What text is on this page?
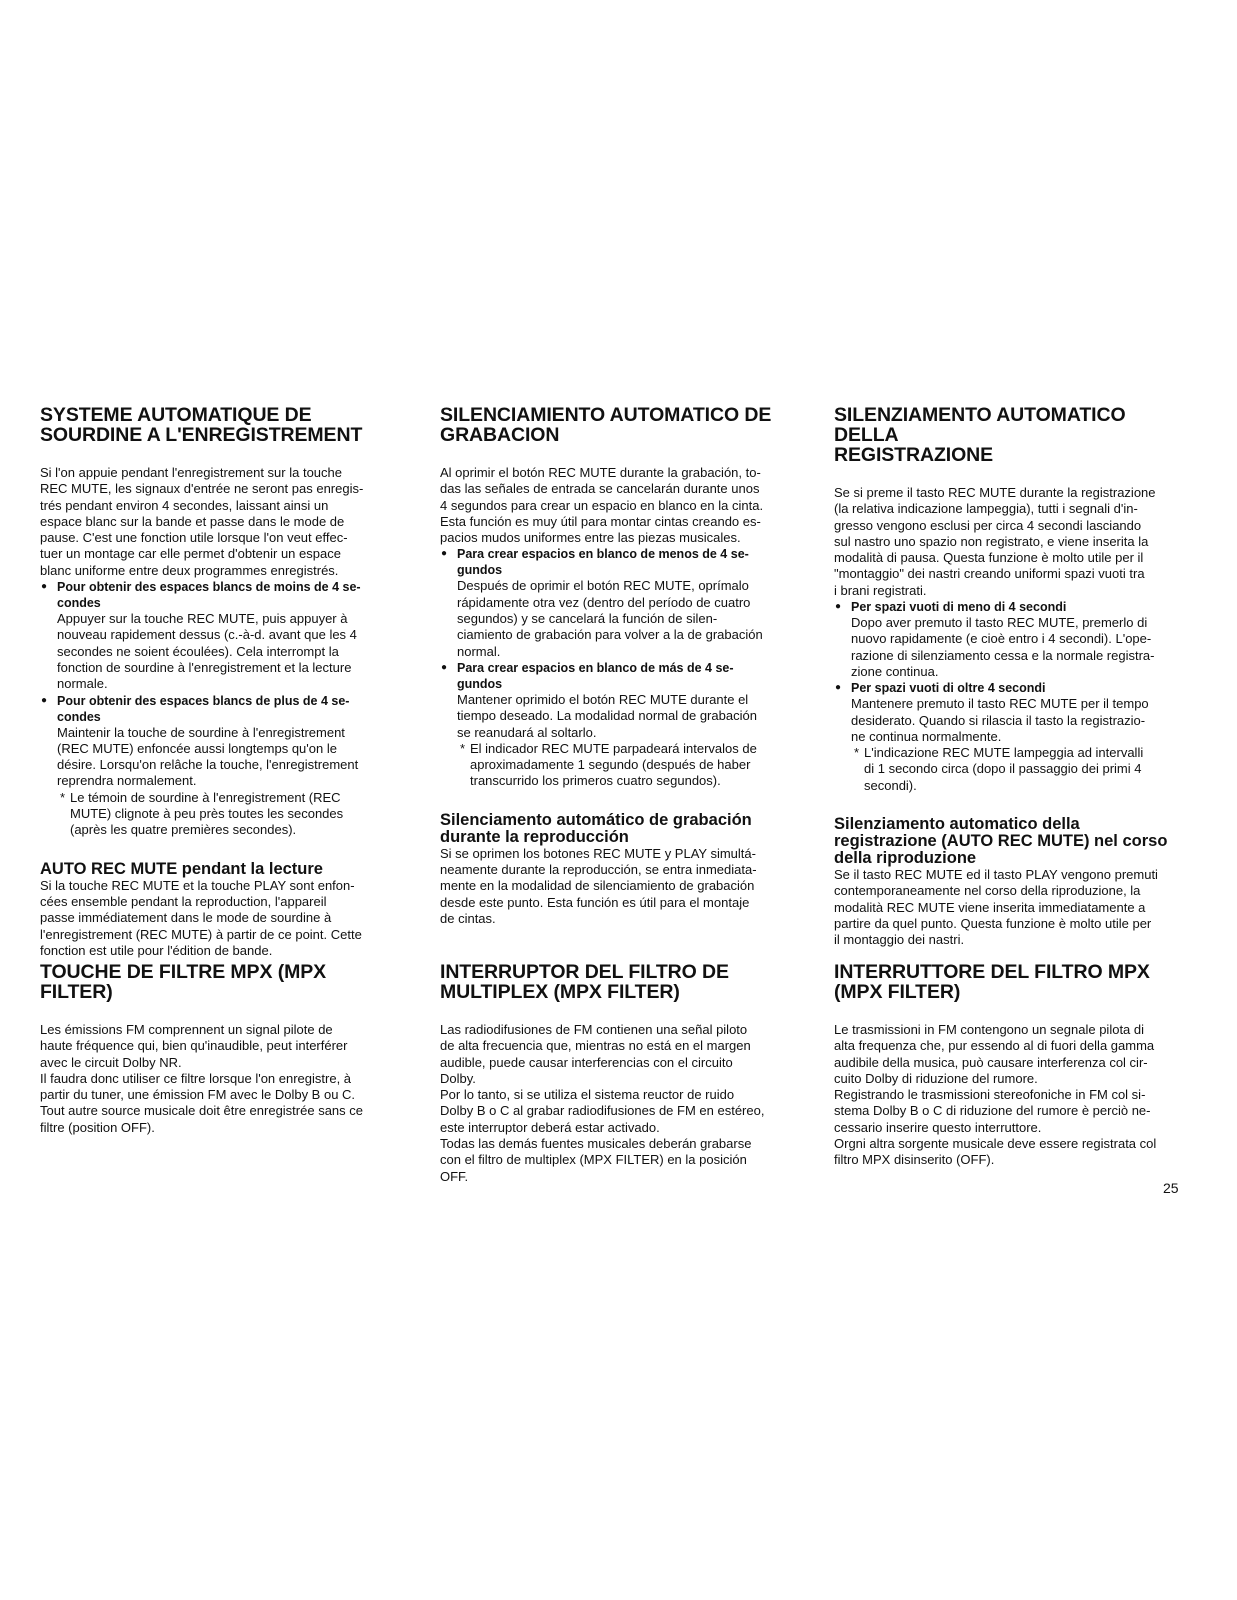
SYSTEME AUTOMATIQUE DE
SOURDINE A L'ENREGISTREMENT

Si l'on appuie pendant l'enregistrement sur la touche
REC MUTE, les signaux d'entrée ne seront pas enregis-
trés pendant environ 4 secondes, laissant ainsi un
espace blanc sur la bande et passe dans le mode de
pause. C'est une fonction utile lorsque l'on veut effec-
tuer un montage car elle permet d'obtenir un espace
blanc uniforme entre deux programmes enregistrés.

● Pour obtenir des espaces blancs de moins de 4 se-
condes

Appuyer sur la touche REC MUTE, puis appuyer à
nouveau rapidement dessus (c.-à-d. avant que les 4
secondes ne soient écoulées). Cela interrompt la
fonction de sourdine à l'enregistrement et la lecture
normale.

● Pour obtenir des espaces blancs de plus de 4 se-
condes

Maintenir la touche de sourdine à l'enregistrement
(REC MUTE) enfoncée aussi longtemps qu'on le
désire. Lorsqu'on relâche la touche, l'enregistrement
reprendra normalement.

* Le témoin de sourdine à l'enregistrement (REC
MUTE) clignote à peu près toutes les secondes
(après les quatre premières secondes).

AUTO REC MUTE pendant la lecture

Si la touche REC MUTE et la touche PLAY sont enfon-
cées ensemble pendant la reproduction, l'appareil
passe immédiatement dans le mode de sourdine à
l'enregistrement (REC MUTE) à partir de ce point. Cette
fonction est utile pour l'édition de bande.

TOUCHE DE FILTRE MPX (MPX FILTER)

Les émissions FM comprennent un signal pilote de
haute fréquence qui, bien qu'inaudible, peut interférer
avec le circuit Dolby NR.
Il faudra donc utiliser ce filtre lorsque l'on enregistre, à
partir du tuner, une émission FM avec le Dolby B ou C.
Tout autre source musicale doit être enregistrée sans ce
filtre (position OFF).

SILENCIAMIENTO AUTOMATICO DE
GRABACION

Al oprimir el botón REC MUTE durante la grabación, to-
das las señales de entrada se cancelarán durante unos
4 segundos para crear un espacio en blanco en la cinta.
Esta función es muy útil para montar cintas creando es-
pacios mudos uniformes entre las piezas musicales.

● Para crear espacios en blanco de menos de 4 se-
gundos

Después de oprimir el botón REC MUTE, oprímalo
rápidamente otra vez (dentro del período de cuatro
segundos) y se cancelará la función de silen-
ciamiento de grabación para volver a la de grabación
normal.

● Para crear espacios en blanco de más de 4 se-
gundos

Mantener oprimido el botón REC MUTE durante el
tiempo deseado. La modalidad normal de grabación
se reanudará al soltarlo.

* El indicador REC MUTE parpadeará intervalos de
aproximadamente 1 segundo (después de haber
transcurrido los primeros cuatro segundos).

Silenciamento automático de grabación
durante la reproducción

Si se oprimen los botones REC MUTE y PLAY simultá-
neamente durante la reproducción, se entra inmediata-
mente en la modalidad de silenciamiento de grabación
desde este punto. Esta función es útil para el montaje
de cintas.

INTERRUPTOR DEL FILTRO DE
MULTIPLEX (MPX FILTER)

Las radiodifusiones de FM contienen una señal piloto
de alta frecuencia que, mientras no está en el margen
audible, puede causar interferencias con el circuito
Dolby.
Por lo tanto, si se utiliza el sistema reuctor de ruido
Dolby B o C al grabar radiodifusiones de FM en estéreo,
este interruptor deberá estar activado.
Todas las demás fuentes musicales deberán grabarse
con el filtro de multiplex (MPX FILTER) en la posición
OFF.

SILENZIAMENTO AUTOMATICO DELLA
REGISTRAZIONE

Se si preme il tasto REC MUTE durante la registrazione
(la relativa indicazione lampeggia), tutti i segnali d'in-
gresso vengono esclusi per circa 4 secondi lasciando
sul nastro uno spazio non registrato, e viene inserita la
modalità di pausa. Questa funzione è molto utile per il
"montaggio" dei nastri creando uniformi spazi vuoti tra
i brani registrati.

● Per spazi vuoti di meno di 4 secondi

Dopo aver premuto il tasto REC MUTE, premerlo di
nuovo rapidamente (e cioè entro i 4 secondi). L'ope-
razione di silenziamento cessa e la normale registra-
zione continua.

● Per spazi vuoti di oltre 4 secondi

Mantenere premuto il tasto REC MUTE per il tempo
desiderato. Quando si rilascia il tasto la registrazio-
ne continua normalmente.

* L'indicazione REC MUTE lampeggia ad intervalli
di 1 secondo circa (dopo il passaggio dei primi 4
secondi).

Silenziamento automatico della
registrazione (AUTO REC MUTE) nel corso
della riproduzione

Se il tasto REC MUTE ed il tasto PLAY vengono premuti
contemporaneamente nel corso della riproduzione, la
modalità REC MUTE viene inserita immediatamente a
partire da quel punto. Questa funzione è molto utile per
il montaggio dei nastri.

INTERRUTTORE DEL FILTRO MPX
(MPX FILTER)

Le trasmissioni in FM contengono un segnale pilota di
alta frequenza che, pur essendo al di fuori della gamma
audibile della musica, può causare interferenza col cir-
cuito Dolby di riduzione del rumore.
Registrando le trasmissioni stereofoniche in FM col si-
stema Dolby B o C di riduzione del rumore è perciò ne-
cessario inserire questo interruttore.
Orgni altra sorgente musicale deve essere registrata col
filtro MPX disinserito (OFF).

25
